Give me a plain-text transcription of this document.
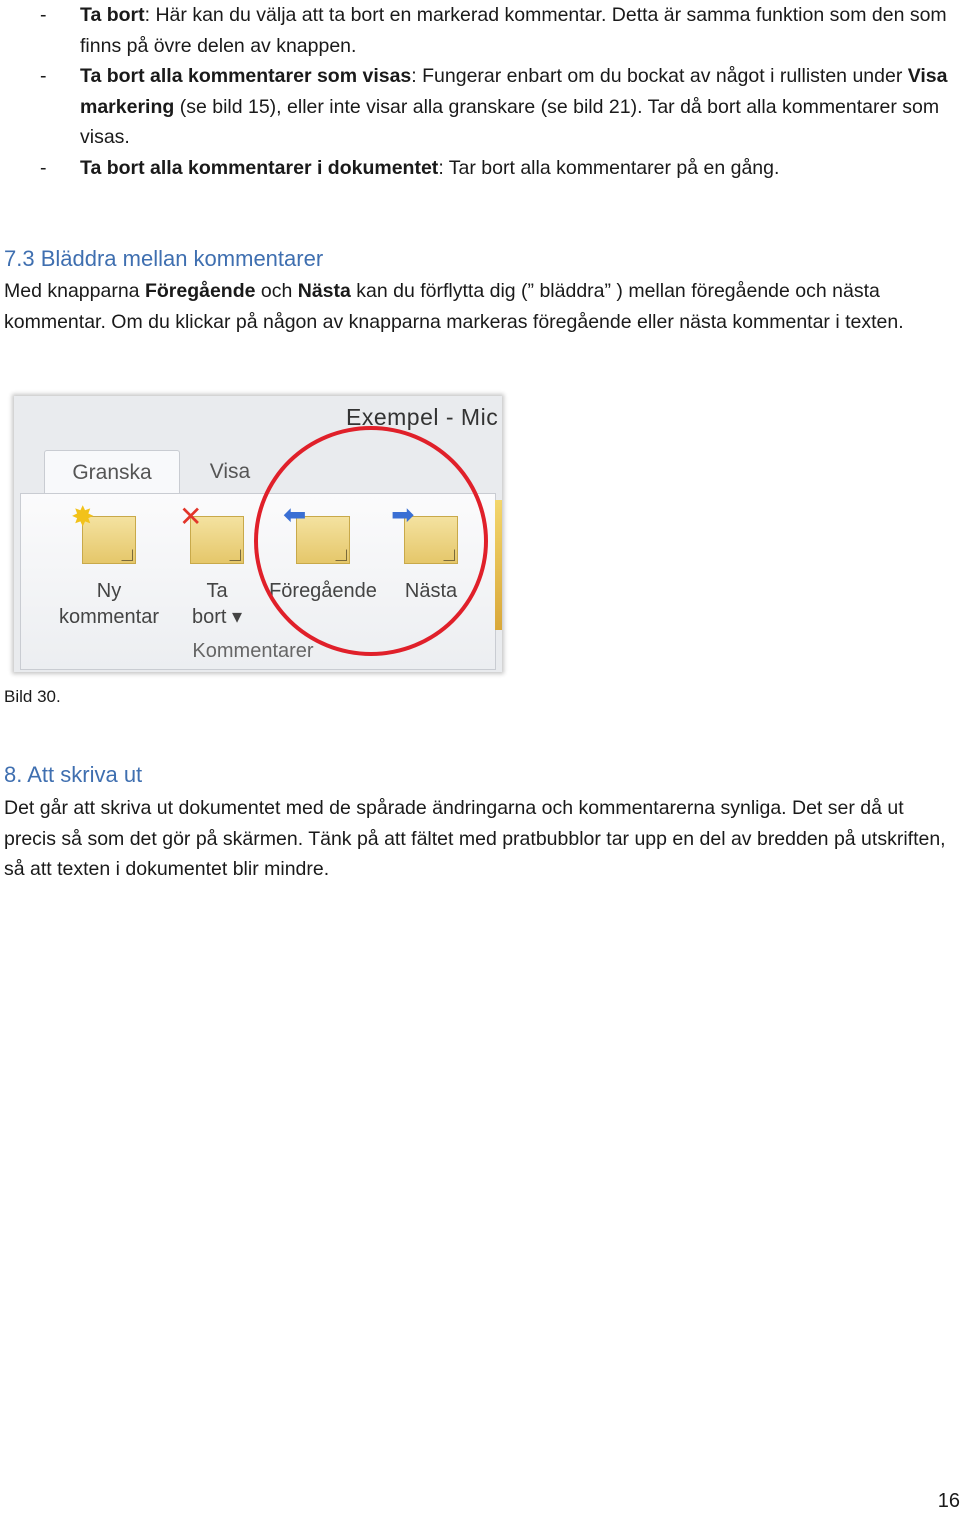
- Ta bort: Här kan du välja att ta bort en markerad kommentar. Detta är samma funktion som den som finns på övre delen av knappen.
- Ta bort alla kommentarer som visas: Fungerar enbart om du bockat av något i rullisten under Visa markering (se bild 15), eller inte visar alla granskare (se bild 21). Tar då bort alla kommentarer som visas.
- Ta bort alla kommentarer i dokumentet: Tar bort alla kommentarer på en gång.
7.3 Bläddra mellan kommentarer

Med knapparna Föregående och Nästa kan du förflytta dig (” bläddra” ) mellan föregående och nästa kommentar. Om du klickar på någon av knapparna markeras föregående eller nästa kommentar i texten.

Exempel - Mic
Granska	Visa
✸
Ny
kommentar
✕
Ta
bort ▾
⬅
Föregående
➡
Nästa
Kommentarer
Bild 30.
8. Att skriva ut

Det går att skriva ut dokumentet med de spårade ändringarna och kommentarerna synliga. Det ser då ut precis så som det gör på skärmen. Tänk på att fältet med pratbubblor tar upp en del av bredden på utskriften, så att texten i dokumentet blir mindre.

16
